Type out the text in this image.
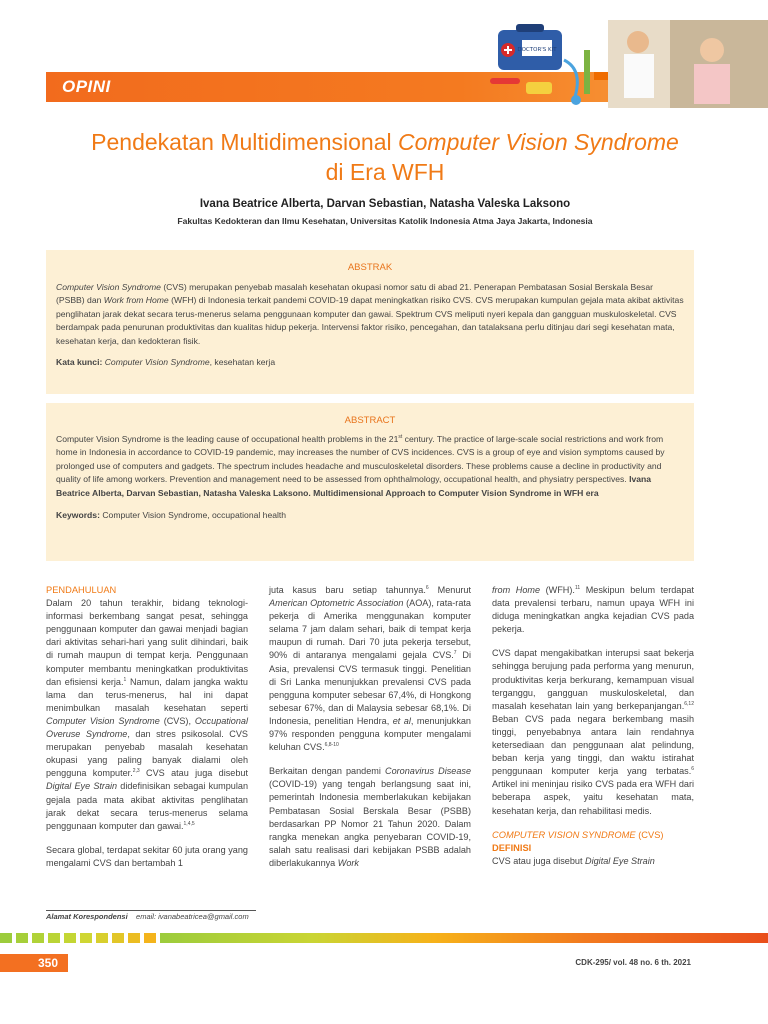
OPINI
DOCTOR'S KIT
Pendekatan Multidimensional Computer Vision Syndrome
di Era WFH
Ivana Beatrice Alberta, Darvan Sebastian, Natasha Valeska Laksono
Fakultas Kedokteran dan Ilmu Kesehatan, Universitas Katolik Indonesia Atma Jaya Jakarta, Indonesia
ABSTRAK

Computer Vision Syndrome (CVS) merupakan penyebab masalah kesehatan okupasi nomor satu di abad 21. Penerapan Pembatasan Sosial Berskala Besar (PSBB) dan Work from Home (WFH) di Indonesia terkait pandemi COVID-19 dapat meningkatkan risiko CVS. CVS merupakan kumpulan gejala mata akibat aktivitas penglihatan jarak dekat secara terus-menerus selama penggunaan komputer dan gawai. Spektrum CVS meliputi nyeri kepala dan gangguan muskuloskeletal. CVS berdampak pada penurunan produktivitas dan kualitas hidup pekerja. Intervensi faktor risiko, pencegahan, dan tatalaksana perlu ditinjau dari segi kesehatan mata, kesehatan kerja, dan kedokteran fisik.

Kata kunci: Computer Vision Syndrome, kesehatan kerja
ABSTRACT

Computer Vision Syndrome is the leading cause of occupational health problems in the 21st century. The practice of large-scale social restrictions and work from home in Indonesia in accordance to COVID-19 pandemic, may increases the number of CVS incidences. CVS is a group of eye and vision symptoms caused by prolonged use of computers and gadgets. The spectrum includes headache and musculoskeletal disorders. These problems cause a decline in productivity and quality of life among workers. Prevention and management need to be assessed from ophthalmology, occupational health, and physiatry perspectives. Ivana Beatrice Alberta, Darvan Sebastian, Natasha Valeska Laksono. Multidimensional Approach to Computer Vision Syndrome in WFH era

Keywords: Computer Vision Syndrome, occupational health
PENDAHULUAN

Dalam 20 tahun terakhir, bidang teknologi-informasi berkembang sangat pesat, sehingga penggunaan komputer dan gawai menjadi bagian dari aktivitas sehari-hari yang sulit dihindari, baik di rumah maupun di tempat kerja. Penggunaan komputer membantu meningkatkan produktivitas dan efisiensi kerja.$^1$ Namun, dalam jangka waktu lama dan terus-menerus, hal ini dapat menimbulkan masalah kesehatan seperti Computer Vision Syndrome (CVS), Occupational Overuse Syndrome, dan stres psikosolal. CVS merupakan penyebab masalah kesehatan okupasi yang paling banyak dialami oleh pengguna komputer.$^{2,3}$ CVS atau juga disebut Digital Eye Strain didefinisikan sebagai kumpulan gejala pada mata akibat aktivitas penglihatan jarak dekat secara terus-menerus selama penggunaan komputer dan gawai.$^{1,4,5}$

Secara global, terdapat sekitar 60 juta orang yang mengalami CVS dan bertambah 1

juta kasus baru setiap tahunnya.$^6$ Menurut American Optometric Association (AOA), rata-rata pekerja di Amerika menggunakan komputer selama 7 jam dalam sehari, baik di tempat kerja maupun di rumah. Dari 70 juta pekerja tersebut, 90% di antaranya mengalami gejala CVS.$^7$ Di Asia, prevalensi CVS termasuk tinggi. Penelitian di Sri Lanka menunjukkan prevalensi CVS pada pengguna komputer sebesar 67,4%, di Hongkong sebesar 67%, dan di Malaysia sebesar 68,1%. Di Indonesia, penelitian Hendra, et al, menunjukkan 97% responden pengguna komputer mengalami keluhan CVS.$^{6,8-10}$

Berkaitan dengan pandemi Coronavirus Disease (COVID-19) yang tengah berlangsung saat ini, pemerintah Indonesia memberlakukan kebijakan Pembatasan Sosial Berskala Besar (PSBB) berdasarkan PP Nomor 21 Tahun 2020. Dalam rangka menekan angka penyebaran COVID-19, salah satu realisasi dari kebijakan PSBB adalah diberlakukannya Work

from Home (WFH).$^{11}$ Meskipun belum terdapat data prevalensi terbaru, namun upaya WFH ini diduga meningkatkan angka kejadian CVS pada pekerja.

CVS dapat mengakibatkan interupsi saat bekerja sehingga berujung pada performa yang menurun, produktivitas kerja berkurang, kemampuan visual terganggu, gangguan muskuloskeletal, dan masalah kesehatan lain yang berkepanjangan.$^{6,12}$ Beban CVS pada negara berkembang masih tinggi, penyebabnya antara lain rendahnya ketersediaan dan penggunaan alat pelindung, beban kerja yang tinggi, dan waktu istirahat penggunaan komputer kerja yang terbatas.$^6$ Artikel ini meninjau risiko CVS pada era WFH dari beberapa aspek, yaitu kesehatan mata, kesehatan kerja, dan rehabilitasi medis.

COMPUTER VISION SYNDROME (CVS)
DEFINISI

CVS atau juga disebut Digital Eye Strain

Alamat Korespondensi email: ivanabeatricea@gmail.com
350	CDK-295/ vol. 48 no. 6 th. 2021
